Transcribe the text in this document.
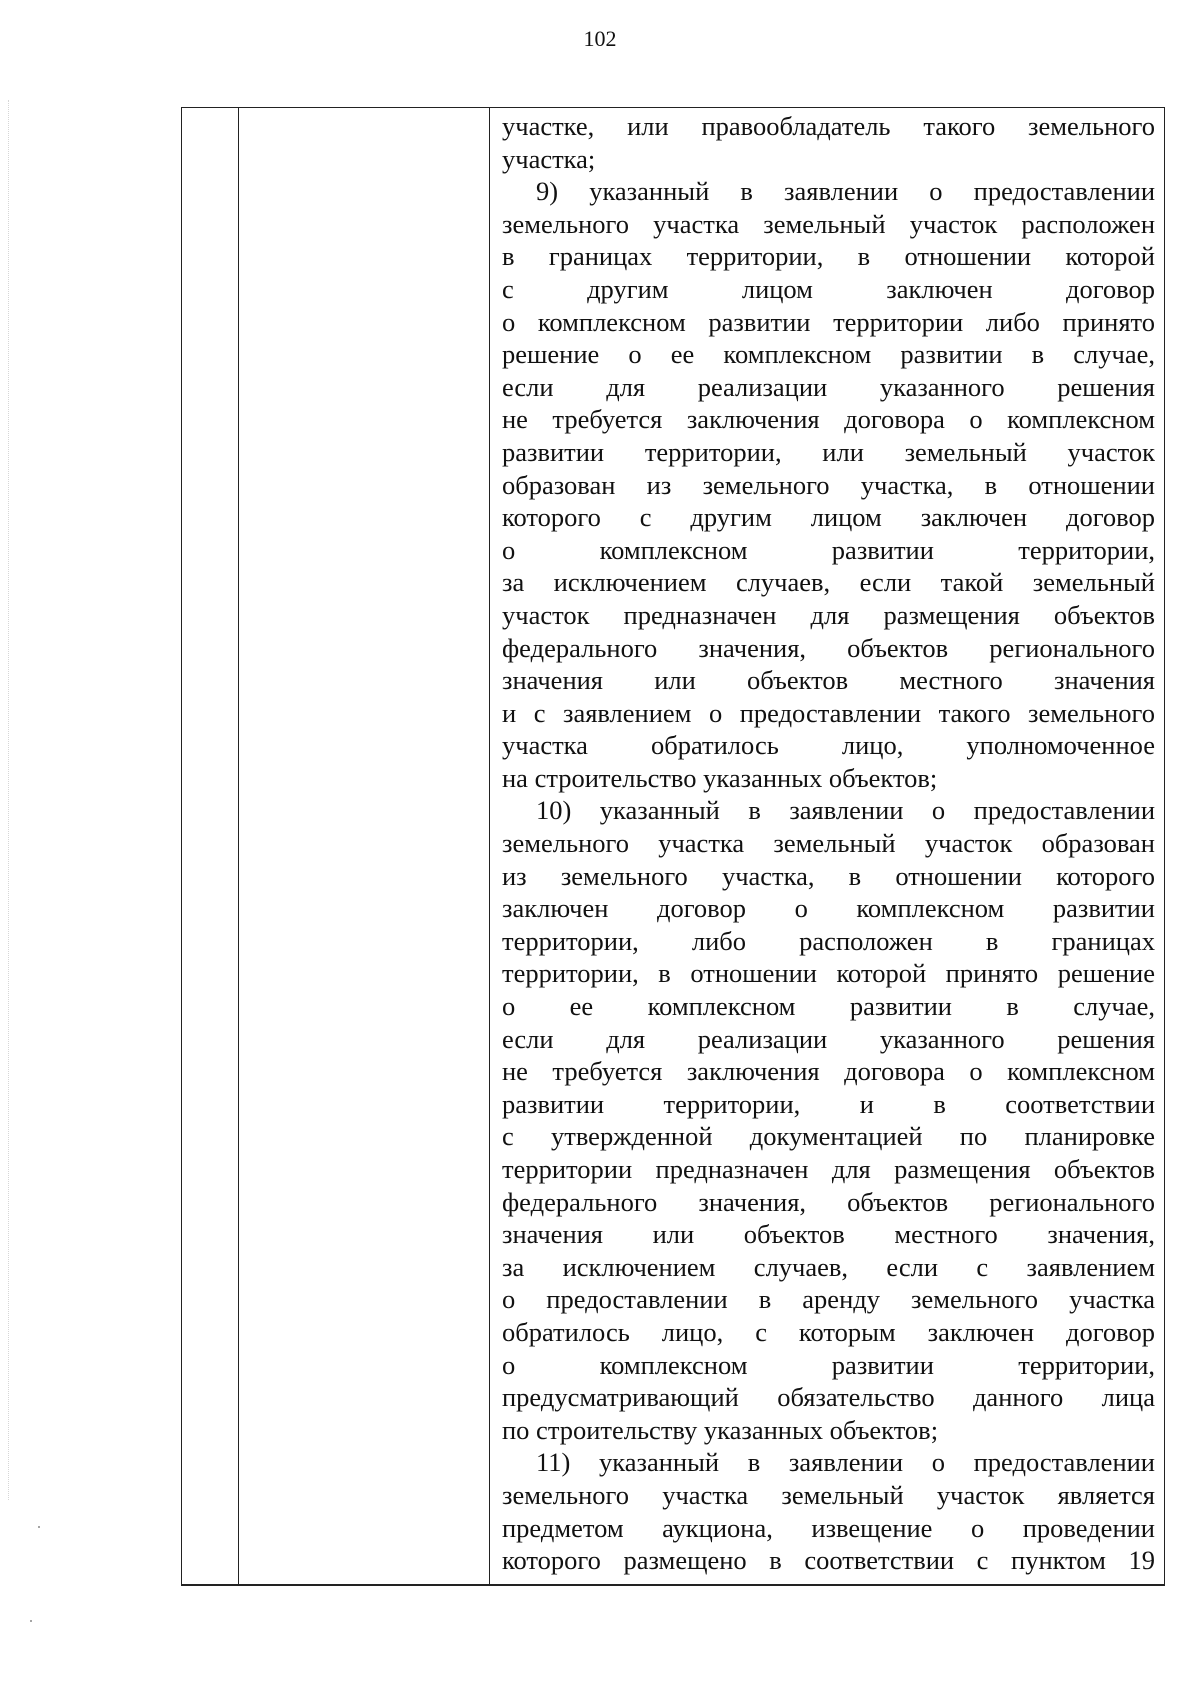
102
участке, или правообладатель такого земельного
участка;
9) указанный в заявлении о предоставлении
земельного участка земельный участок расположен
в границах территории, в отношении которой
с другим лицом заключен договор
о комплексном развитии территории либо принято
решение о ее комплексном развитии в случае,
если для реализации указанного решения
не требуется заключения договора о комплексном
развитии территории, или земельный участок
образован из земельного участка, в отношении
которого с другим лицом заключен договор
о комплексном развитии территории,
за исключением случаев, если такой земельный
участок предназначен для размещения объектов
федерального значения, объектов регионального
значения или объектов местного значения
и с заявлением о предоставлении такого земельного
участка обратилось лицо, уполномоченное
на строительство указанных объектов;
10) указанный в заявлении о предоставлении
земельного участка земельный участок образован
из земельного участка, в отношении которого
заключен договор о комплексном развитии
территории, либо расположен в границах
территории, в отношении которой принято решение
о ее комплексном развитии в случае,
если для реализации указанного решения
не требуется заключения договора о комплексном
развитии территории, и в соответствии
с утвержденной документацией по планировке
территории предназначен для размещения объектов
федерального значения, объектов регионального
значения или объектов местного значения,
за исключением случаев, если с заявлением
о предоставлении в аренду земельного участка
обратилось лицо, с которым заключен договор
о комплексном развитии территории,
предусматривающий обязательство данного лица
по строительству указанных объектов;
11) указанный в заявлении о предоставлении
земельного участка земельный участок является
предметом аукциона, извещение о проведении
которого размещено в соответствии с пунктом 19
